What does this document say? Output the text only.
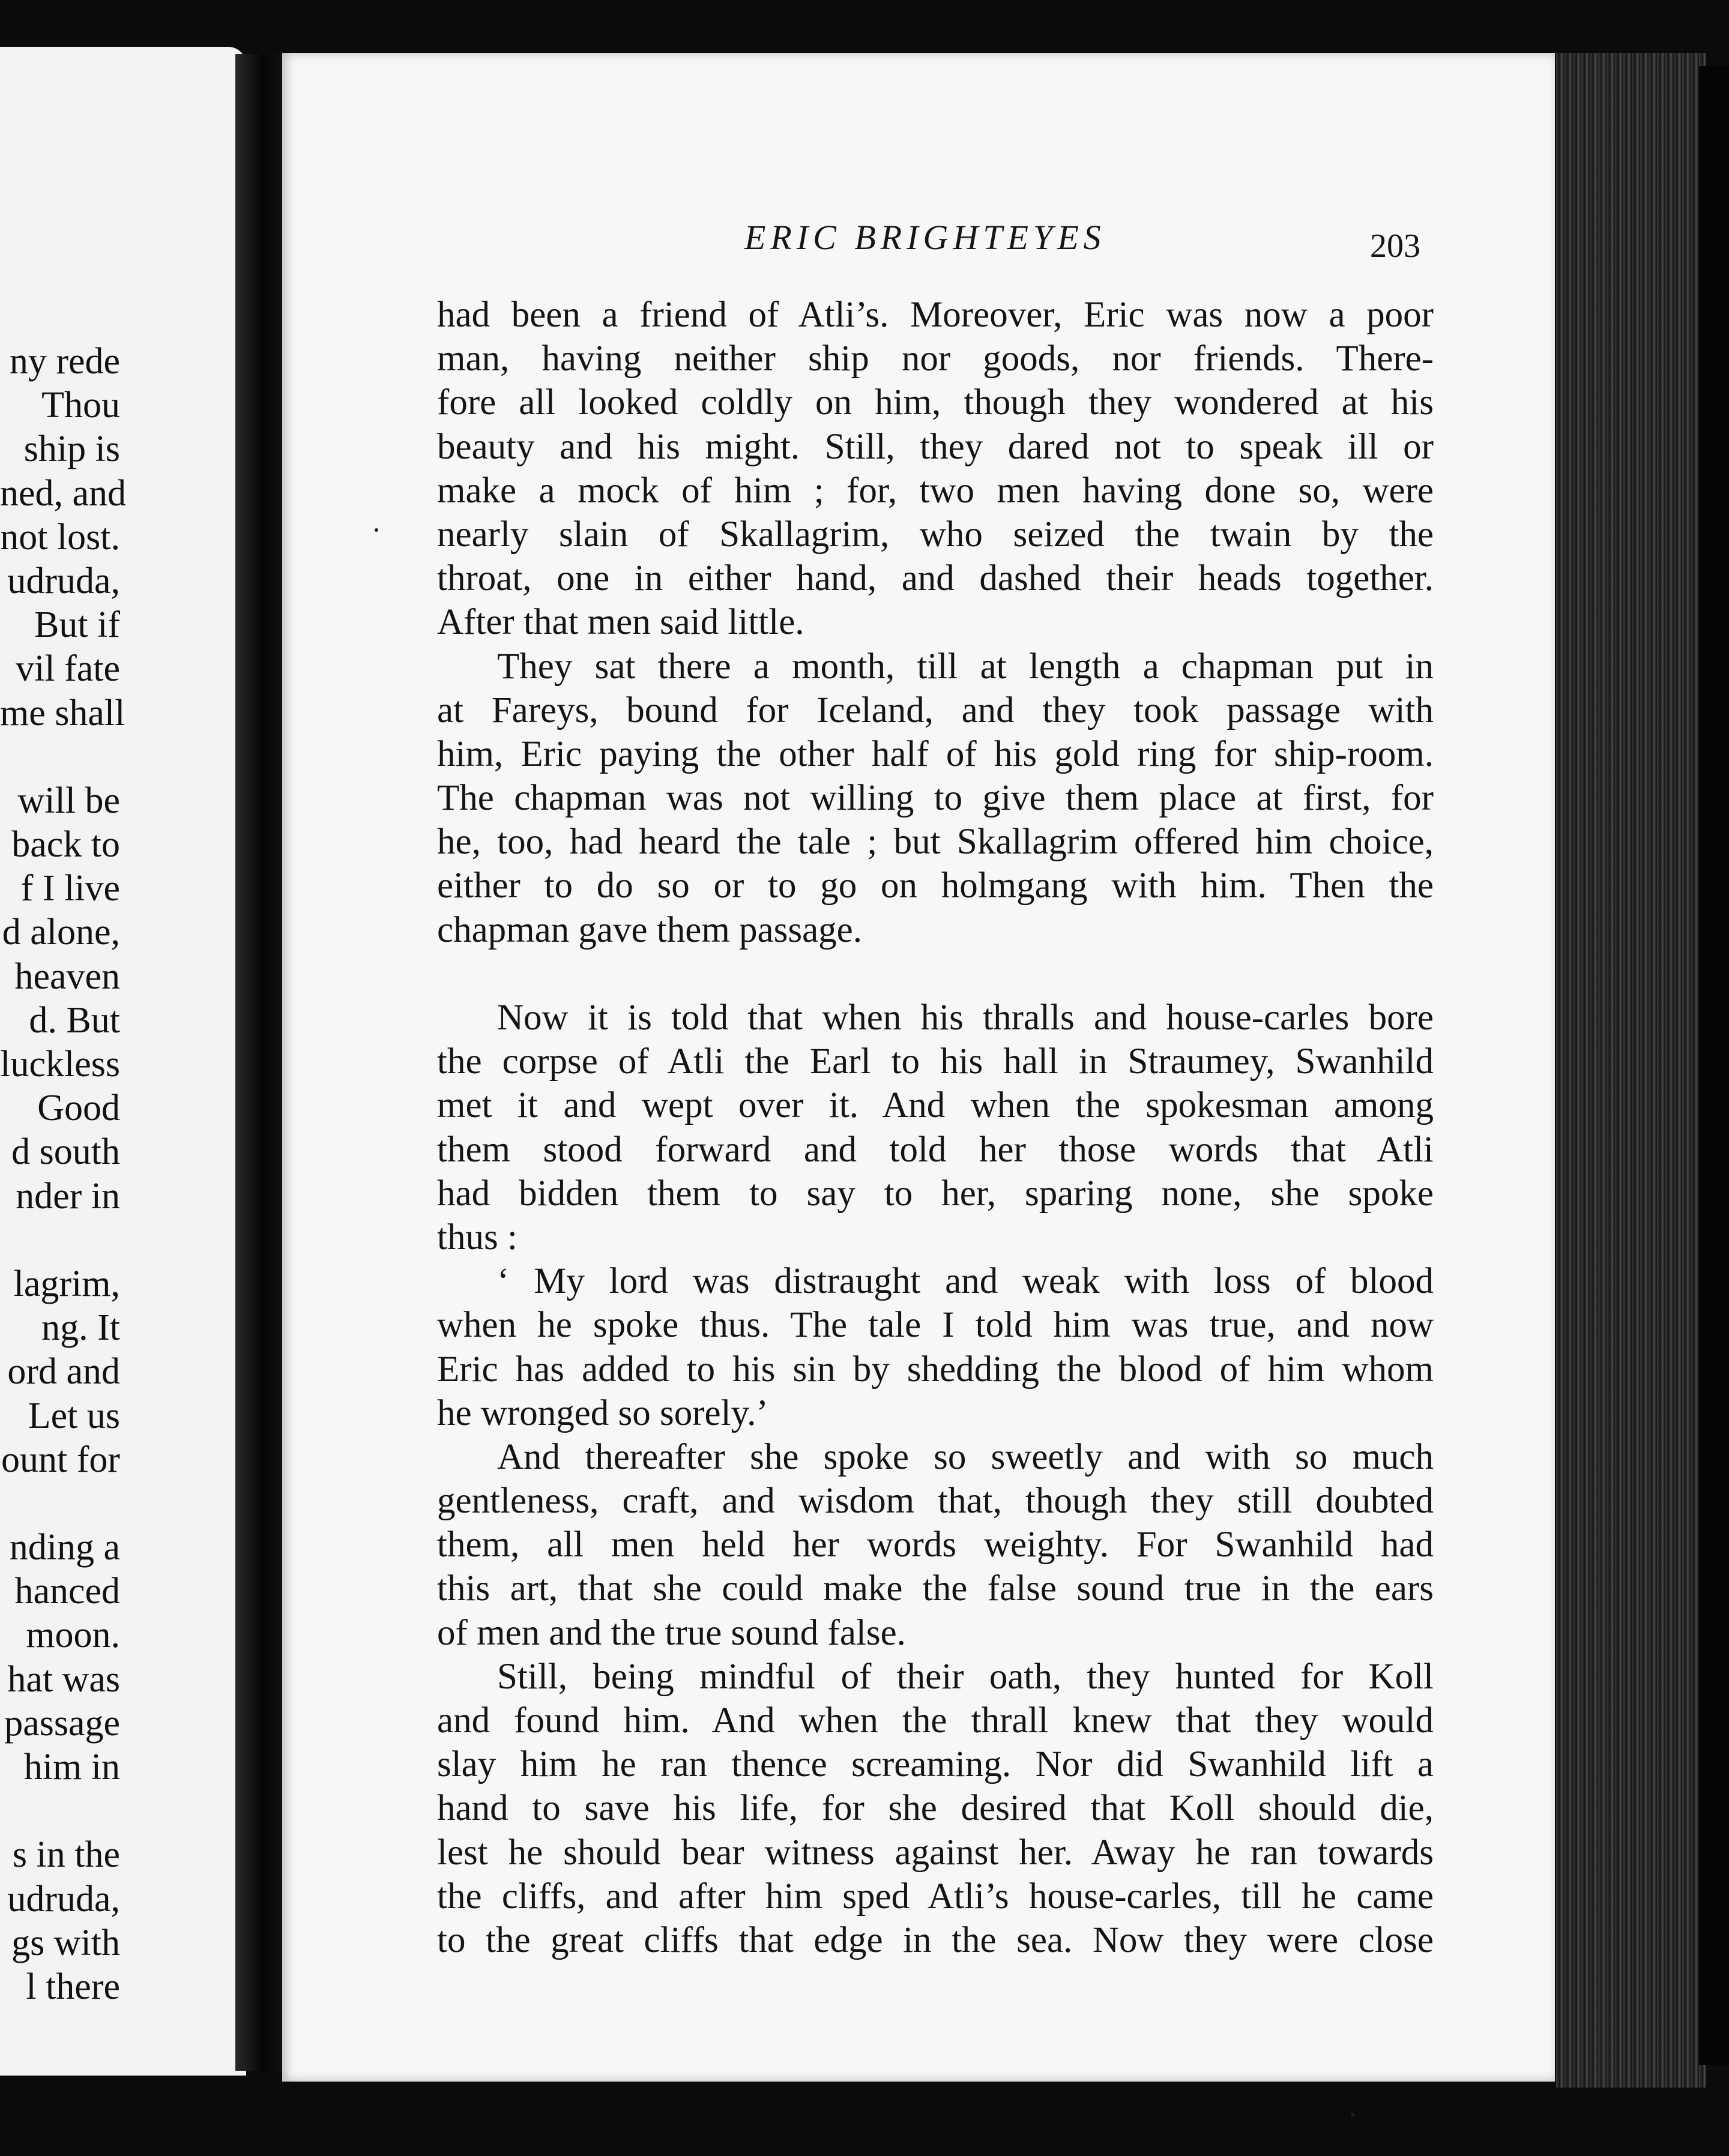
ny rede
Thou
ship is
ned, and
not lost.
udruda,
But if
vil fate
me shall
will be
back to
f I live
d alone,
heaven
d. But
luckless
Good
d south
nder in
lagrim,
ng. It
ord and
Let us
ount for
nding a
hanced
moon.
hat was
passage
him in
s in the
udruda,
gs with
l there
ERIC BRIGHTEYES	203
had been a friend of Atli’s. Moreover, Eric was now a poor
man, having neither ship nor goods, nor friends. There-
fore all looked coldly on him, though they wondered at his
beauty and his might. Still, they dared not to speak ill or
make a mock of him ; for, two men having done so, were
nearly slain of Skallagrim, who seized the twain by the
throat, one in either hand, and dashed their heads together.
After that men said little.
They sat there a month, till at length a chapman put in
at Fareys, bound for Iceland, and they took passage with
him, Eric paying the other half of his gold ring for ship-room.
The chapman was not willing to give them place at first, for
he, too, had heard the tale ; but Skallagrim offered him choice,
either to do so or to go on holmgang with him. Then the
chapman gave them passage.
Now it is told that when his thralls and house-carles bore
the corpse of Atli the Earl to his hall in Straumey, Swanhild
met it and wept over it. And when the spokesman among
them stood forward and told her those words that Atli
had bidden them to say to her, sparing none, she spoke
thus :
‘ My lord was distraught and weak with loss of blood
when he spoke thus. The tale I told him was true, and now
Eric has added to his sin by shedding the blood of him whom
he wronged so sorely.’
And thereafter she spoke so sweetly and with so much
gentleness, craft, and wisdom that, though they still doubted
them, all men held her words weighty. For Swanhild had
this art, that she could make the false sound true in the ears
of men and the true sound false.
Still, being mindful of their oath, they hunted for Koll
and found him. And when the thrall knew that they would
slay him he ran thence screaming. Nor did Swanhild lift a
hand to save his life, for she desired that Koll should die,
lest he should bear witness against her. Away he ran towards
the cliffs, and after him sped Atli’s house-carles, till he came
to the great cliffs that edge in the sea. Now they were close
